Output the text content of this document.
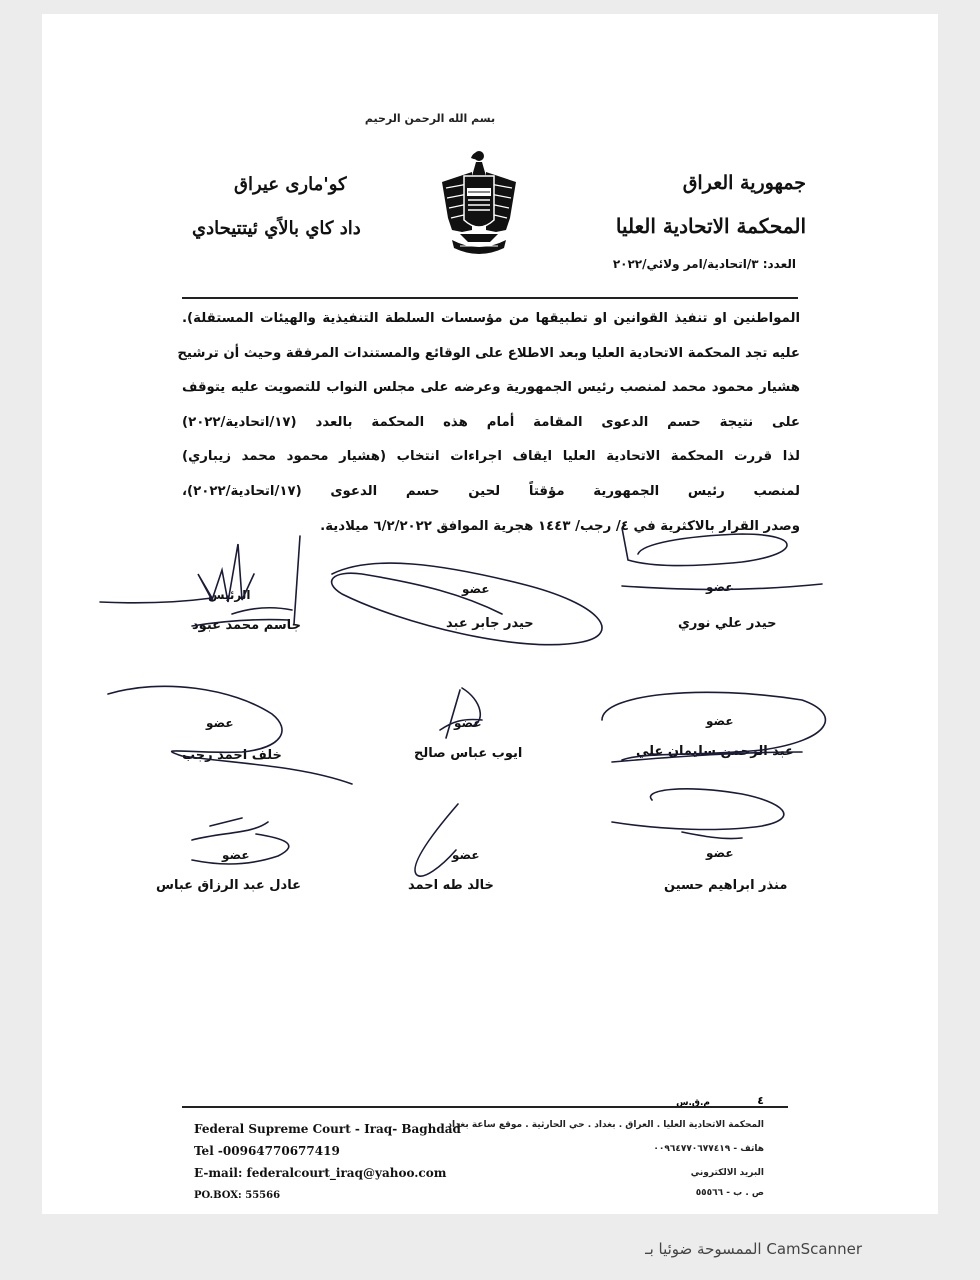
بسم الله الرحمن الرحيم
جمهورية العراق
المحكمة الاتحادية العليا
كو'مارى عيراق
داد كاي بالاًي ئيتتيحادي
العدد: ٣/اتحادية/امر ولائي/٢٠٢٢
المواطنين او تنفيذ القوانين او تطبيقها من مؤسسات السلطة التنفيذية والهيئات المستقلة).
عليه تجد المحكمة الاتحادية العليا وبعد الاطلاع على الوقائع والمستندات المرفقة وحيث أن ترشيح
هشيار محمود محمد لمنصب رئيس الجمهورية وعرضه على مجلس النواب للتصويت عليه يتوقف
على نتيجة حسم الدعوى المقامة أمام هذه المحكمة بالعدد (١٧/اتحادية/٢٠٢٢)
لذا قررت المحكمة الاتحادية العليا ايقاف اجراءات انتخاب (هشيار محمود محمد زيباري)
لمنصب رئيس الجمهورية مؤقتاً لحين حسم الدعوى (١٧/اتحادية/٢٠٢٢)،
وصدر القرار بالاكثرية في ٤/ رجب/ ١٤٤٣ هجرية الموافق ٦/٢/٢٠٢٢ ميلادية.
الرئيس
جاسم محمد عبود
عضو
حيدر جابر عبد
عضو
حيدر علي نوري
عضو
خلف احمد رجب
عضو
ايوب عباس صالح
عضو
عبد الرحمن سليمان علي
عضو
عادل عبد الرزاق عباس
عضو
خالد طه احمد
عضو
منذر ابراهيم حسين
٤
م.ق.س
Federal Supreme Court - Iraq- Baghdad
Tel -00964770677419
E-mail: federalcourt_iraq@yahoo.com
PO.BOX: 55566
المحكمة الاتحادية العليا . العراق . بغداد . حي الحارثية . موقع ساعة بغداد
هاتف - ٠٠٩٦٤٧٧٠٦٧٧٤١٩
البريد الالكتروني
ص . ب - ٥٥٥٦٦
CamScanner الممسوحة ضوئيا بـ
